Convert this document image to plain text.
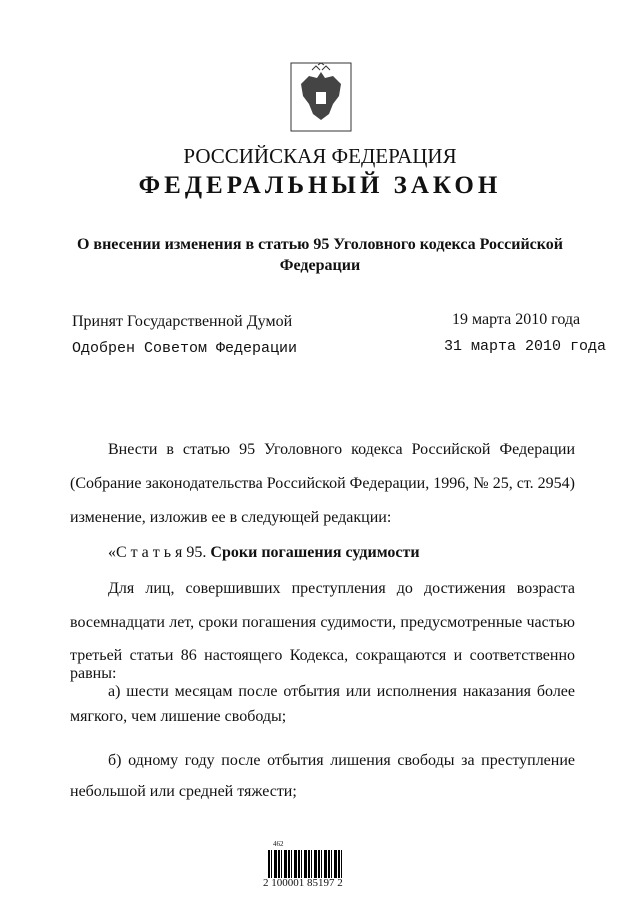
РОССИЙСКАЯ ФЕДЕРАЦИЯ
ФЕДЕРАЛЬНЫЙ ЗАКОН
О внесении изменения в статью 95 Уголовного кодекса Российской
Федерации
Принят Государственной Думой	19 марта 2010 года
Одобрен Советом Федерации	31 марта 2010 года
Внести в статью 95 Уголовного кодекса Российской Федерации
(Собрание законодательства Российской Федерации, 1996, № 25, ст. 2954)
изменение, изложив ее в следующей редакции:
«С т а т ь я 95. Сроки погашения судимости
Для лиц, совершивших преступления до достижения возраста
восемнадцати лет, сроки погашения судимости, предусмотренные частью
третьей статьи 86 настоящего Кодекса, сокращаются и соответственно равны:
а) шести месяцам после отбытия или исполнения наказания более
мягкого, чем лишение свободы;
б) одному году после отбытия лишения свободы за преступление
небольшой или средней тяжести;
462
2 100001 85197 2
